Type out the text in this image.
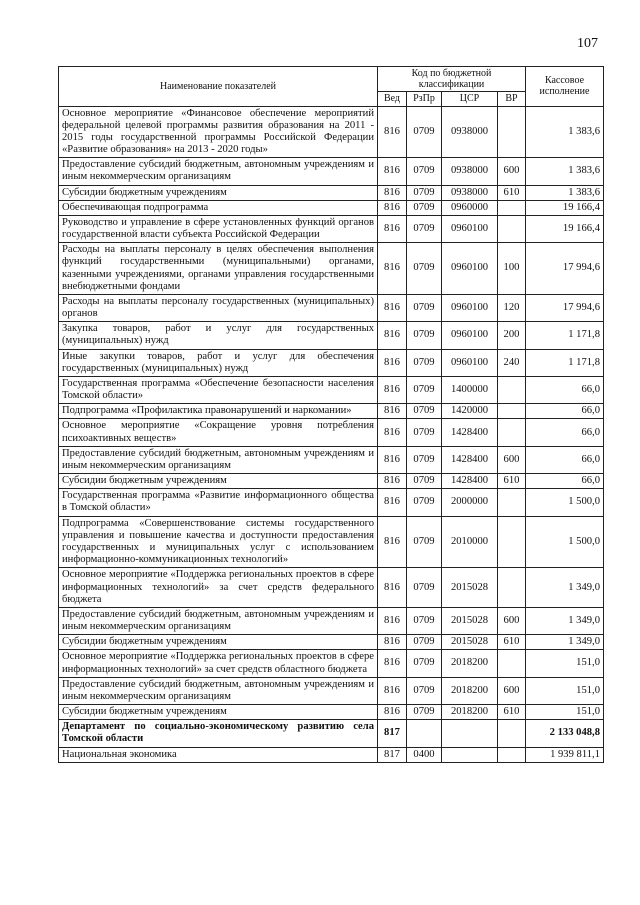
107
Наименование показателей	Код по бюджетной классификации				Кассовое исполнение
	Вед	РзПр	ЦСР	ВР	
Основное мероприятие «Финансовое обеспечение мероприятий федеральной целевой программы развития образования на 2011 - 2015 годы государственной программы Российской Федерации «Развитие образования» на 2013 - 2020 годы»	816	0709	0938000		1 383,6
Предоставление субсидий бюджетным, автономным учреждениям и иным некоммерческим организациям	816	0709	0938000	600	1 383,6
Субсидии бюджетным учреждениям	816	0709	0938000	610	1 383,6
Обеспечивающая подпрограмма	816	0709	0960000		19 166,4
Руководство и управление в сфере установленных функций органов государственной власти субъекта Российской Федерации	816	0709	0960100		19 166,4
Расходы на выплаты персоналу в целях обеспечения выполнения функций государственными (муниципальными) органами, казенными учреждениями, органами управления государственными внебюджетными фондами	816	0709	0960100	100	17 994,6
Расходы на выплаты персоналу государственных (муниципальных) органов	816	0709	0960100	120	17 994,6
Закупка товаров, работ и услуг для государственных (муниципальных) нужд	816	0709	0960100	200	1 171,8
Иные закупки товаров, работ и услуг для обеспечения государственных (муниципальных) нужд	816	0709	0960100	240	1 171,8
Государственная программа «Обеспечение безопасности населения Томской области»	816	0709	1400000		66,0
Подпрограмма «Профилактика правонарушений и наркомании»	816	0709	1420000		66,0
Основное мероприятие «Сокращение уровня потребления психоактивных веществ»	816	0709	1428400		66,0
Предоставление субсидий бюджетным, автономным учреждениям и иным некоммерческим организациям	816	0709	1428400	600	66,0
Субсидии бюджетным учреждениям	816	0709	1428400	610	66,0
Государственная программа «Развитие информационного общества в Томской области»	816	0709	2000000		1 500,0
Подпрограмма «Совершенствование системы государственного управления и повышение качества и доступности предоставления государственных и муниципальных услуг с использованием информационно-коммуникационных технологий»	816	0709	2010000		1 500,0
Основное мероприятие «Поддержка региональных проектов в сфере информационных технологий» за счет средств федерального бюджета	816	0709	2015028		1 349,0
Предоставление субсидий бюджетным, автономным учреждениям и иным некоммерческим организациям	816	0709	2015028	600	1 349,0
Субсидии бюджетным учреждениям	816	0709	2015028	610	1 349,0
Основное мероприятие «Поддержка региональных проектов в сфере информационных технологий» за счет средств областного бюджета	816	0709	2018200		151,0
Предоставление субсидий бюджетным, автономным учреждениям и иным некоммерческим организациям	816	0709	2018200	600	151,0
Субсидии бюджетным учреждениям	816	0709	2018200	610	151,0
Департамент по социально-экономическому развитию села Томской области	817				2 133 048,8
Национальная экономика	817	0400			1 939 811,1
